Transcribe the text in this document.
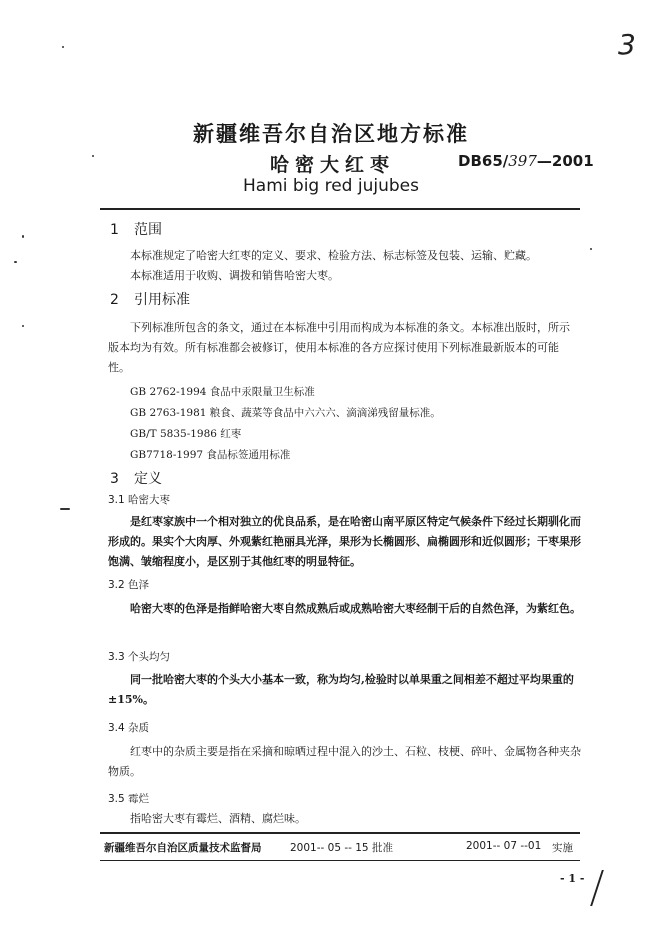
3
新疆维吾尔自治区地方标准
哈密大红枣	DB65/397—2001
Hami big red jujubes
1 范围
本标准规定了哈密大红枣的定义、要求、检验方法、标志标签及包装、运输、贮藏。
本标准适用于收购、调拨和销售哈密大枣。
2 引用标准
下列标准所包含的条文，通过在本标准中引用而构成为本标准的条文。本标准出版时，所示版本均为有效。所有标准都会被修订，使用本标准的各方应探讨使用下列标准最新版本的可能性。
GB 2762-1994 食品中汞限量卫生标准
GB 2763-1981 粮食、蔬菜等食品中六六六、滴滴涕残留量标准。
GB/T 5835-1986 红枣
GB7718-1997 食品标签通用标准
3 定义
3.1 哈密大枣
是红枣家族中一个相对独立的优良品系，是在哈密山南平原区特定气候条件下经过长期驯化而形成的。果实个大肉厚、外观紫红艳丽具光泽，果形为长椭圆形、扁椭圆形和近似圆形；干枣果形饱满、皱缩程度小，是区别于其他红枣的明显特征。
3.2 色泽
哈密大枣的色泽是指鲜哈密大枣自然成熟后或成熟哈密大枣经制干后的自然色泽，为紫红色。
3.3 个头均匀
同一批哈密大枣的个头大小基本一致，称为均匀,检验时以单果重之间相差不超过平均果重的±15%。
3.4 杂质
红枣中的杂质主要是指在采摘和晾晒过程中混入的沙土、石粒、枝梗、碎叶、金属物各种夹杂物质。
3.5 霉烂
指哈密大枣有霉烂、酒精、腐烂味。
新疆维吾尔自治区质量技术监督局	2001-- 05 -- 15 批准	2001-- 07 --01 实施
- 1 -
